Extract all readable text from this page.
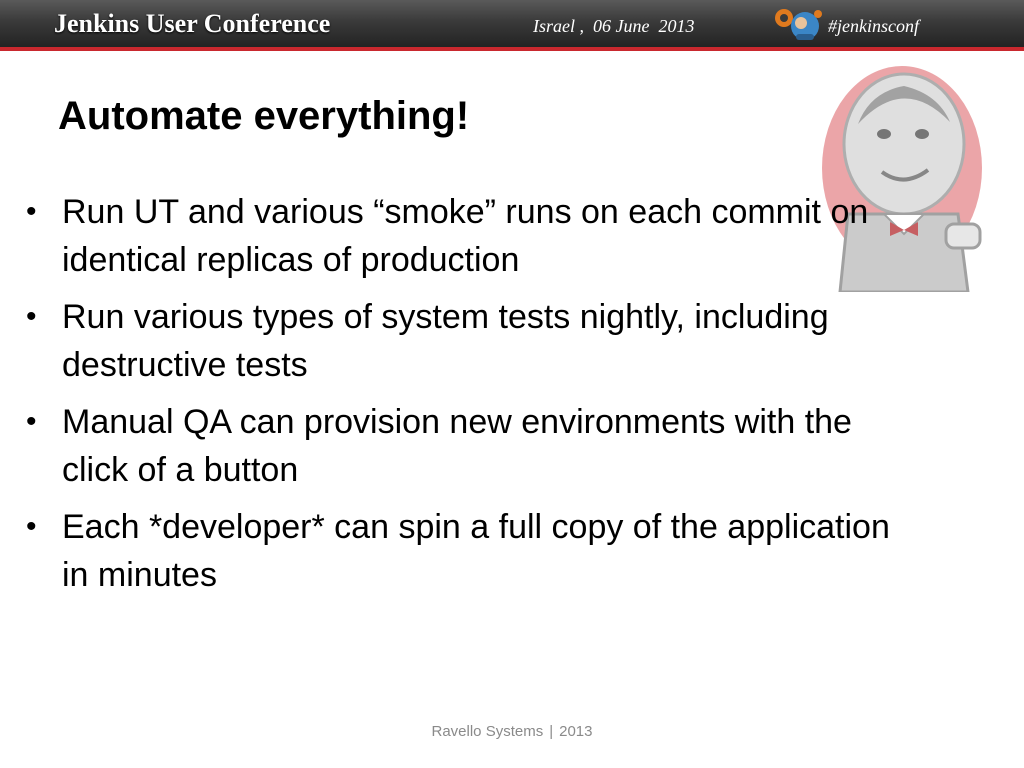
Jenkins User Conference	Israel ,  06 June  2013	#jenkinsconf
Automate everything!
• Run UT and various “smoke” runs on each commit on identical replicas of production
• Run various types of system tests nightly, including destructive tests
• Manual QA can provision new environments with the click of a button
• Each *developer* can spin a full copy of the application in minutes
Ravello Systems | 2013
